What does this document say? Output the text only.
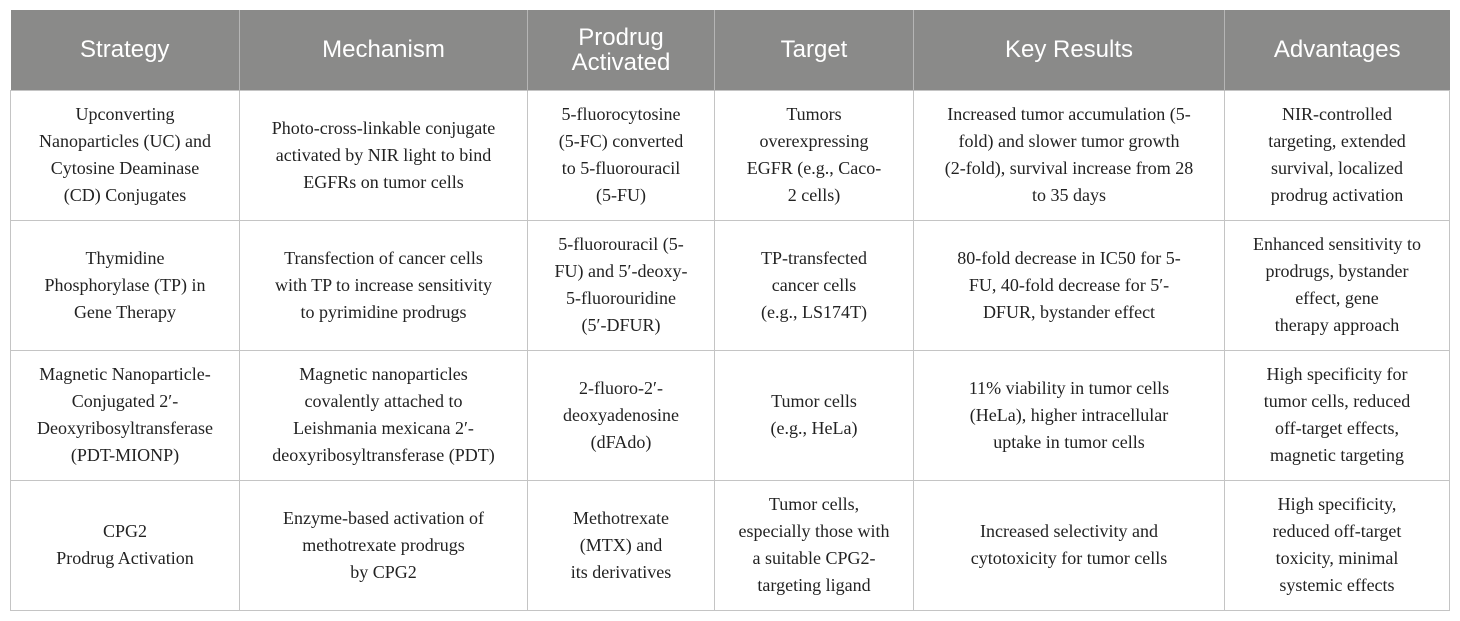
Strategy	Mechanism	Prodrug
Activated	Target	Key Results	Advantages

Upconverting
Nanoparticles (UC) and
Cytosine Deaminase
(CD) Conjugates	Photo-cross-linkable conjugate
activated by NIR light to bind
EGFRs on tumor cells	5-fluorocytosine
(5-FC) converted
to 5-fluorouracil
(5-FU)	Tumors
overexpressing
EGFR (e.g., Caco-
2 cells)	Increased tumor accumulation (5-
fold) and slower tumor growth
(2-fold), survival increase from 28
to 35 days	NIR-controlled
targeting, extended
survival, localized
prodrug activation

Thymidine
Phosphorylase (TP) in
Gene Therapy	Transfection of cancer cells
with TP to increase sensitivity
to pyrimidine prodrugs	5-fluorouracil (5-
FU) and 5′-deoxy-
5-fluorouridine
(5′-DFUR)	TP-transfected
cancer cells
(e.g., LS174T)	80-fold decrease in IC50 for 5-
FU, 40-fold decrease for 5′-
DFUR, bystander effect	Enhanced sensitivity to
prodrugs, bystander
effect, gene
therapy approach

Magnetic Nanoparticle-
Conjugated 2′-
Deoxyribosyltransferase
(PDT-MIONP)	Magnetic nanoparticles
covalently attached to
Leishmania mexicana 2′-
deoxyribosyltransferase (PDT)	2-fluoro-2′-
deoxyadenosine
(dFAdo)	Tumor cells
(e.g., HeLa)	11% viability in tumor cells
(HeLa), higher intracellular
uptake in tumor cells	High specificity for
tumor cells, reduced
off-target effects,
magnetic targeting

CPG2
Prodrug Activation	Enzyme-based activation of
methotrexate prodrugs
by CPG2	Methotrexate
(MTX) and
its derivatives	Tumor cells,
especially those with
a suitable CPG2-
targeting ligand	Increased selectivity and
cytotoxicity for tumor cells	High specificity,
reduced off-target
toxicity, minimal
systemic effects
